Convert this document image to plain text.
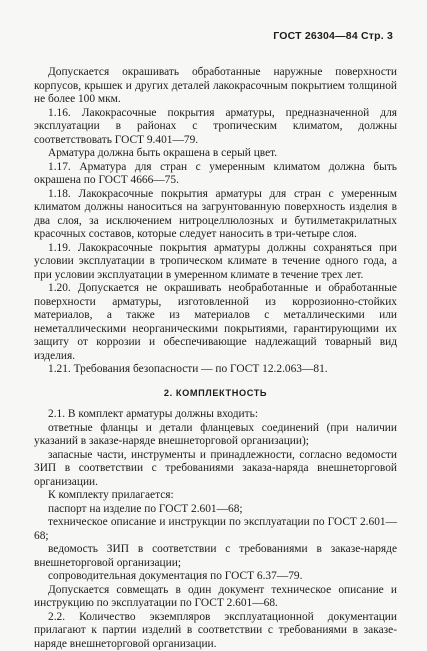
ГОСТ 26304—84 Стр. 3

Допускается окрашивать обработанные наружные поверхности корпусов, крышек и других деталей лакокрасочным покрытием толщиной не более 100 мкм.

1.16. Лакокрасочные покрытия арматуры, предназначенной для эксплуатации в районах с тропическим климатом, должны соответствовать ГОСТ 9.401—79.

Арматура должна быть окрашена в серый цвет.

1.17. Арматура для стран с умеренным климатом должна быть окрашена по ГОСТ 4666—75.

1.18. Лакокрасочные покрытия арматуры для стран с умеренным климатом должны наноситься на загрунтованную поверхность изделия в два слоя, за исключением нитроцеллюлозных и бутилметакрилатных красочных составов, которые следует наносить в три-четыре слоя.

1.19. Лакокрасочные покрытия арматуры должны сохраняться при условии эксплуатации в тропическом климате в течение одного года, а при условии эксплуатации в умеренном климате в течение трех лет.

1.20. Допускается не окрашивать необработанные и обработанные поверхности арматуры, изготовленной из коррозионно-стойких материалов, а также из материалов с металлическими или неметаллическими неорганическими покрытиями, гарантирующими их защиту от коррозии и обеспечивающие надлежащий товарный вид изделия.

1.21. Требования безопасности — по ГОСТ 12.2.063—81.

2. КОМПЛЕКТНОСТЬ

2.1. В комплект арматуры должны входить:

ответные фланцы и детали фланцевых соединений (при наличии указаний в заказе-наряде внешнеторговой организации);

запасные части, инструменты и принадлежности, согласно ведомости ЗИП в соответствии с требованиями заказа-наряда внешнеторговой организации.

К комплекту прилагается:

паспорт на изделие по ГОСТ 2.601—68;

техническое описание и инструкции по эксплуатации по ГОСТ 2.601—68;

ведомость ЗИП в соответствии с требованиями в заказе-наряде внешнеторговой организации;

сопроводительная документация по ГОСТ 6.37—79.

Допускается совмещать в один документ техническое описание и инструкцию по эксплуатации по ГОСТ 2.601—68.

2.2. Количество экземпляров эксплуатационной документации прилагают к партии изделий в соответствии с требованиями в заказе-наряде внешнеторговой организации.
